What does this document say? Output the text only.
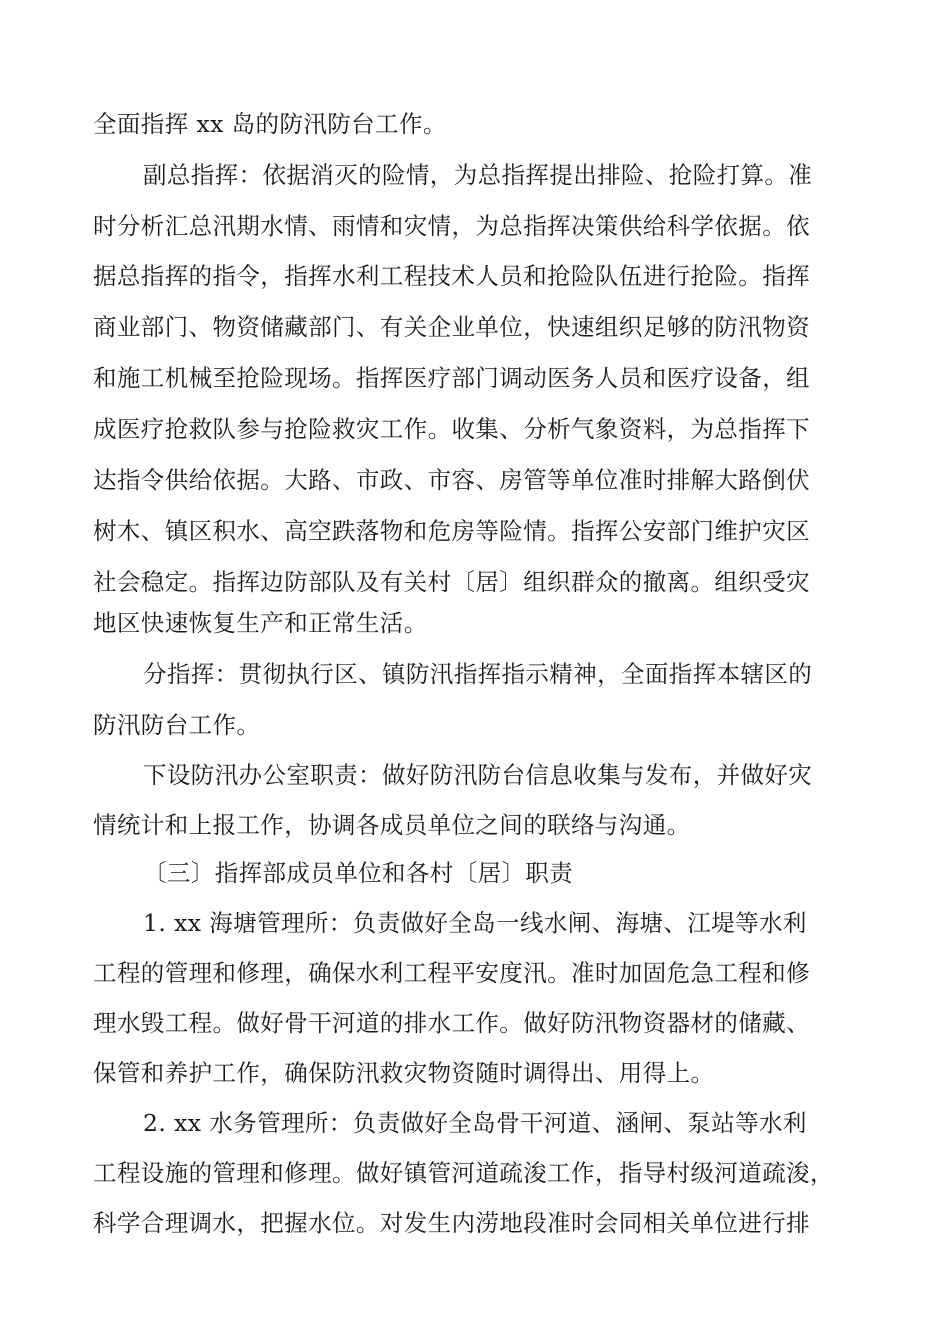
全面指挥 xx 岛的防汛防台工作。
副总指挥：依据消灭的险情，为总指挥提出排险、抢险打算。准
时分析汇总汛期水情、雨情和灾情，为总指挥决策供给科学依据。依
据总指挥的指令，指挥水利工程技术人员和抢险队伍进行抢险。指挥
商业部门、物资储藏部门、有关企业单位，快速组织足够的防汛物资
和施工机械至抢险现场。指挥医疗部门调动医务人员和医疗设备，组
成医疗抢救队参与抢险救灾工作。收集、分析气象资料，为总指挥下
达指令供给依据。大路、市政、市容、房管等单位准时排解大路倒伏
树木、镇区积水、高空跌落物和危房等险情。指挥公安部门维护灾区
社会稳定。指挥边防部队及有关村〔居〕组织群众的撤离。组织受灾
地区快速恢复生产和正常生活。
分指挥：贯彻执行区、镇防汛指挥指示精神，全面指挥本辖区的
防汛防台工作。
下设防汛办公室职责：做好防汛防台信息收集与发布，并做好灾
情统计和上报工作，协调各成员单位之间的联络与沟通。
〔三〕指挥部成员单位和各村〔居〕职责
1. xx 海塘管理所：负责做好全岛一线水闸、海塘、江堤等水利
工程的管理和修理，确保水利工程平安度汛。准时加固危急工程和修
理水毁工程。做好骨干河道的排水工作。做好防汛物资器材的储藏、
保管和养护工作，确保防汛救灾物资随时调得出、用得上。
2. xx 水务管理所：负责做好全岛骨干河道、涵闸、泵站等水利
工程设施的管理和修理。做好镇管河道疏浚工作，指导村级河道疏浚，
科学合理调水，把握水位。对发生内涝地段准时会同相关单位进行排
